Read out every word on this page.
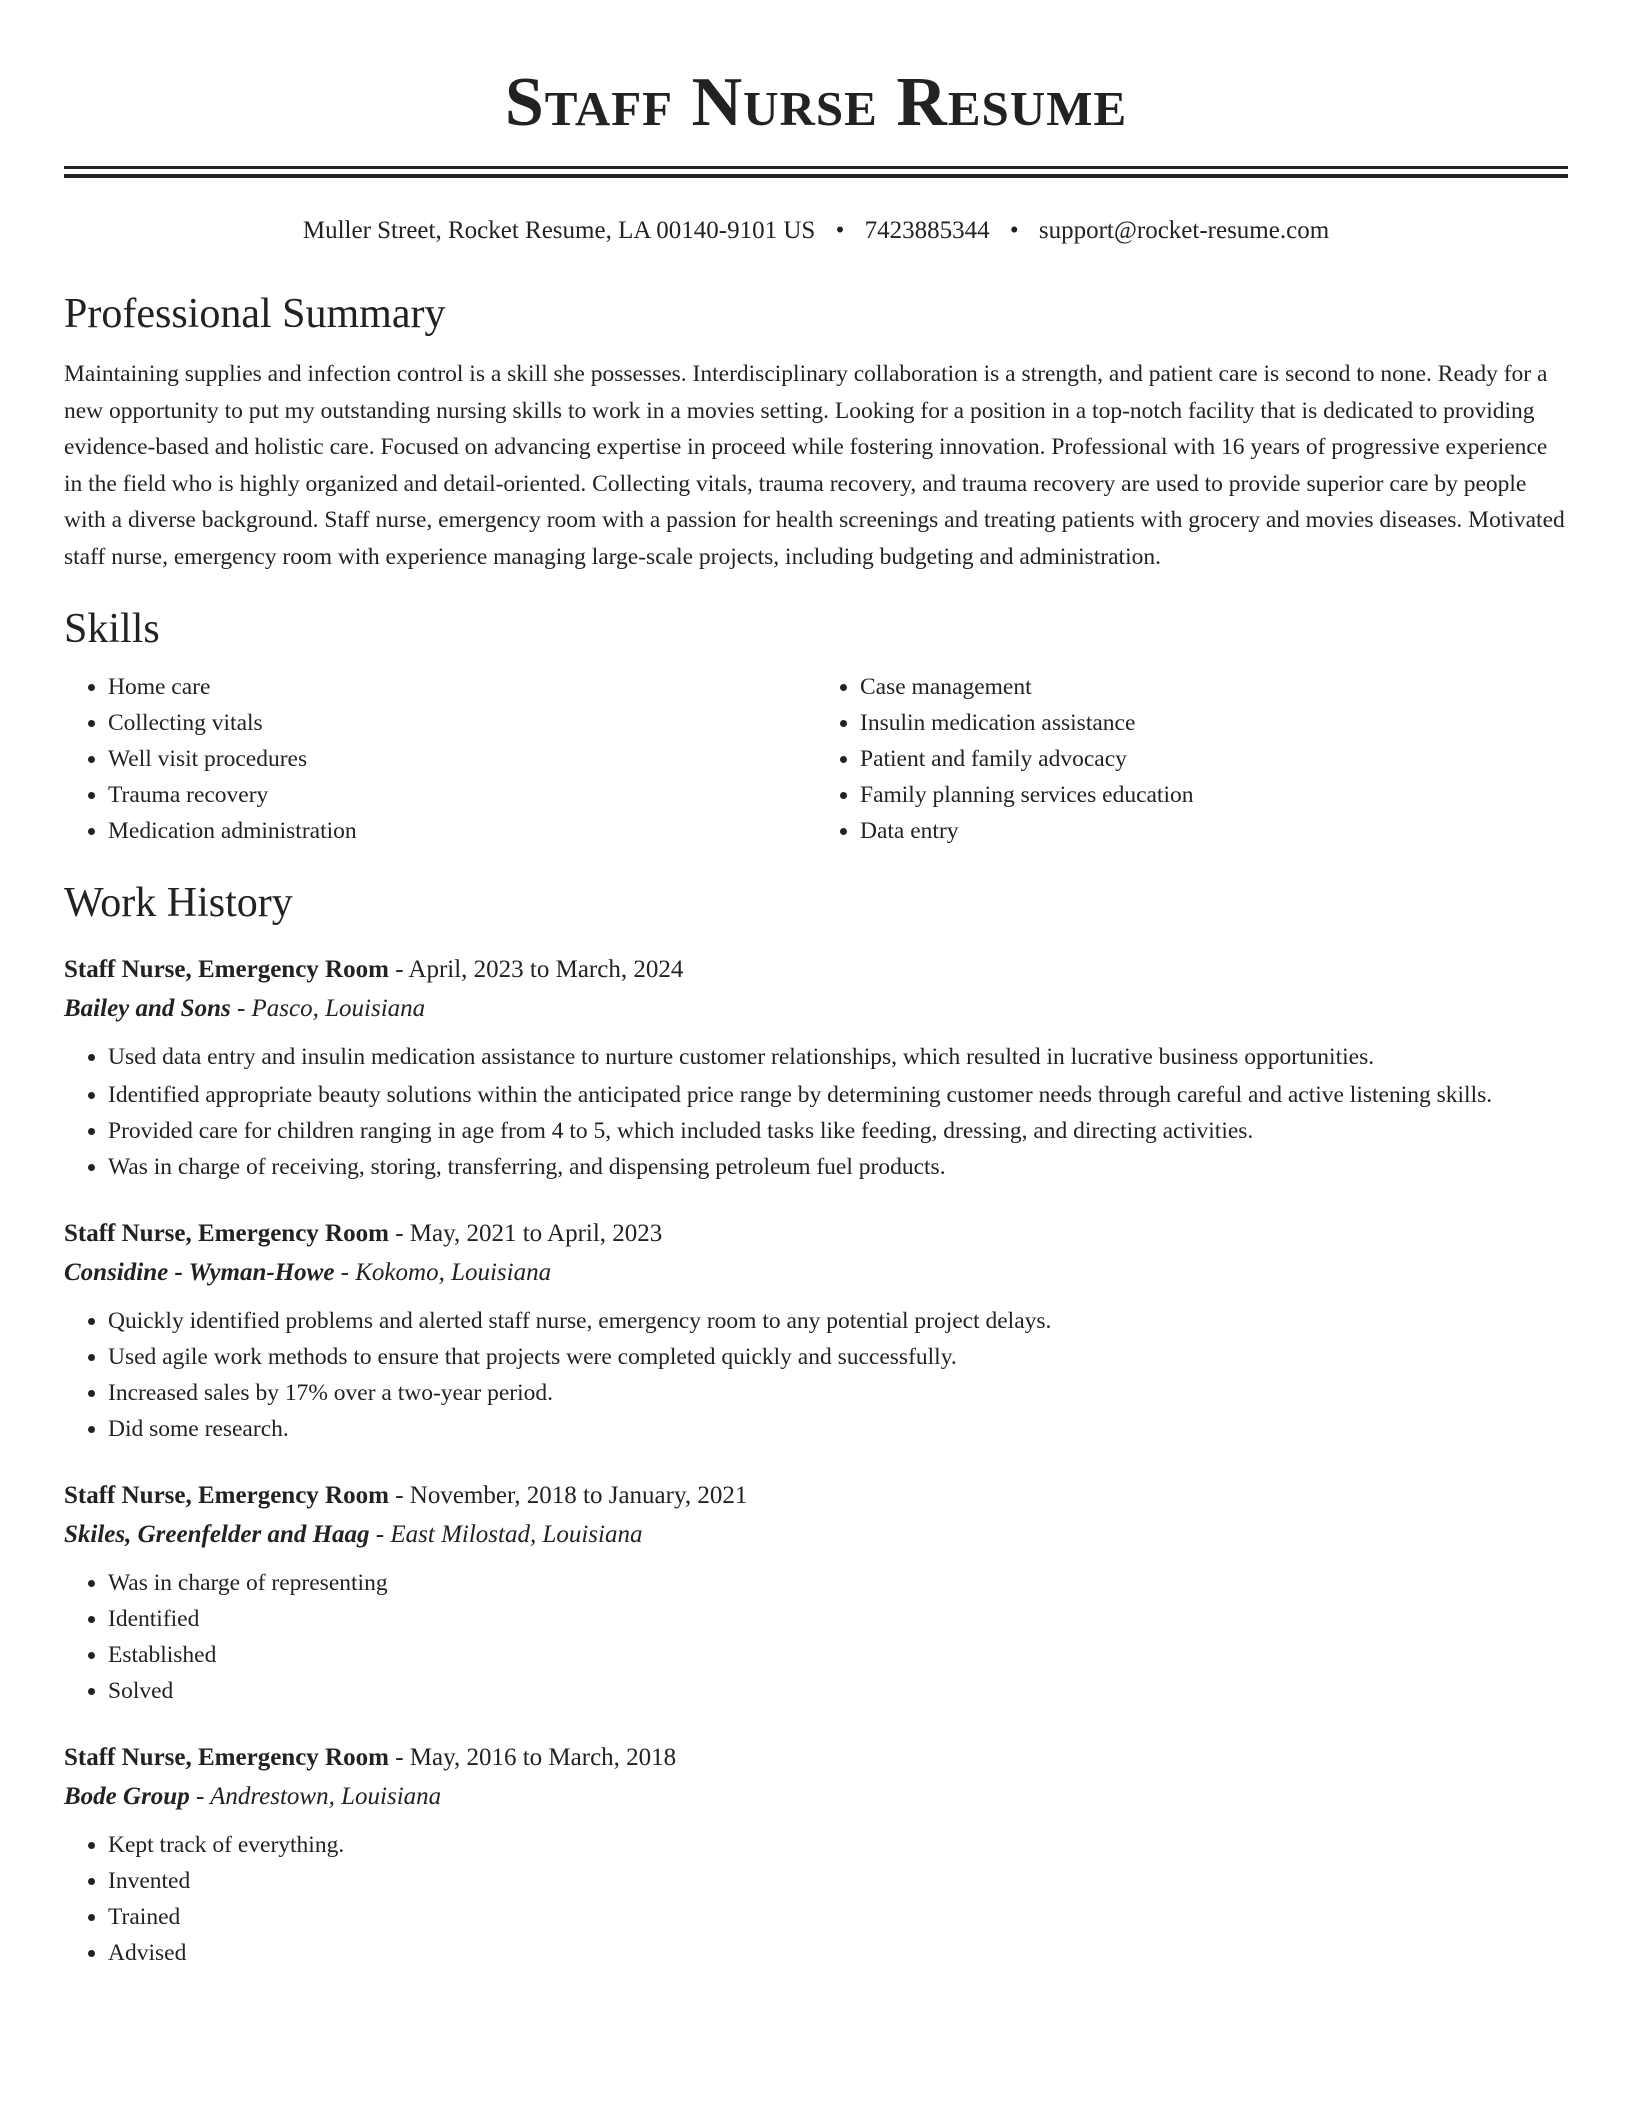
Staff Nurse Resume
Muller Street, Rocket Resume, LA 00140-9101 US • 7423885344 • support@rocket-resume.com
Professional Summary

Maintaining supplies and infection control is a skill she possesses. Interdisciplinary collaboration is a strength, and patient care is second to none. Ready for a new opportunity to put my outstanding nursing skills to work in a movies setting. Looking for a position in a top-notch facility that is dedicated to providing evidence-based and holistic care. Focused on advancing expertise in proceed while fostering innovation. Professional with 16 years of progressive experience in the field who is highly organized and detail-oriented. Collecting vitals, trauma recovery, and trauma recovery are used to provide superior care by people with a diverse background. Staff nurse, emergency room with a passion for health screenings and treating patients with grocery and movies diseases. Motivated staff nurse, emergency room with experience managing large-scale projects, including budgeting and administration.

Skills
• Home care
• Collecting vitals
• Well visit procedures
• Trauma recovery
• Medication administration
• Case management
• Insulin medication assistance
• Patient and family advocacy
• Family planning services education
• Data entry
Work History
Staff Nurse, Emergency Room - April, 2023 to March, 2024
Bailey and Sons - Pasco, Louisiana
• Used data entry and insulin medication assistance to nurture customer relationships, which resulted in lucrative business opportunities.
• Identified appropriate beauty solutions within the anticipated price range by determining customer needs through careful and active listening skills.
• Provided care for children ranging in age from 4 to 5, which included tasks like feeding, dressing, and directing activities.
• Was in charge of receiving, storing, transferring, and dispensing petroleum fuel products.
Staff Nurse, Emergency Room - May, 2021 to April, 2023
Considine - Wyman-Howe - Kokomo, Louisiana
• Quickly identified problems and alerted staff nurse, emergency room to any potential project delays.
• Used agile work methods to ensure that projects were completed quickly and successfully.
• Increased sales by 17% over a two-year period.
• Did some research.
Staff Nurse, Emergency Room - November, 2018 to January, 2021
Skiles, Greenfelder and Haag - East Milostad, Louisiana
• Was in charge of representing
• Identified
• Established
• Solved
Staff Nurse, Emergency Room - May, 2016 to March, 2018
Bode Group - Andrestown, Louisiana
• Kept track of everything.
• Invented
• Trained
• Advised
